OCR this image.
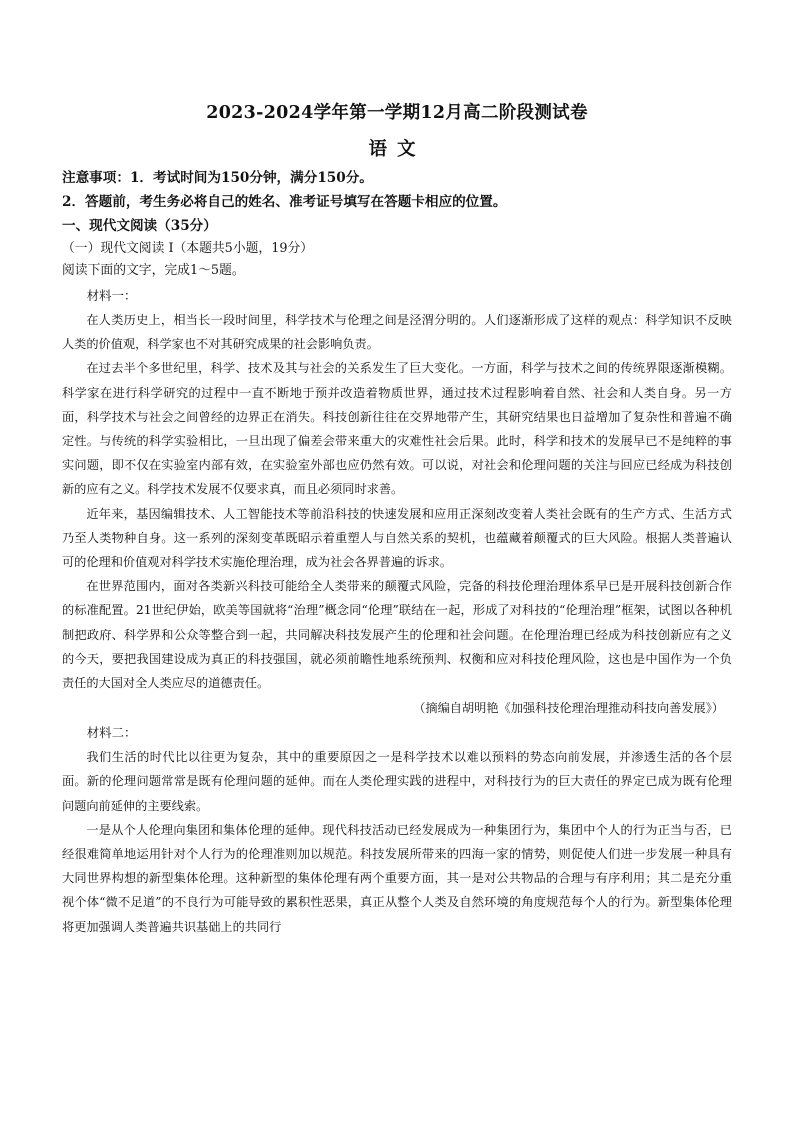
2023-2024学年第一学期12月高二阶段测试卷
语文

注意事项：1．考试时间为150分钟，满分150分。

2．答题前，考生务必将自己的姓名、准考证号填写在答题卡相应的位置。

一、现代文阅读（35分）

（一）现代文阅读 I（本题共5小题，19分）

阅读下面的文字，完成1～5题。

材料一：

在人类历史上，相当长一段时间里，科学技术与伦理之间是泾渭分明的。人们逐渐形成了这样的观点：科学知识不反映人类的价值观，科学家也不对其研究成果的社会影响负责。

在过去半个多世纪里，科学、技术及其与社会的关系发生了巨大变化。一方面，科学与技术之间的传统界限逐渐模糊。科学家在进行科学研究的过程中一直不断地于预并改造着物质世界，通过技术过程影响着自然、社会和人类自身。另一方面，科学技术与社会之间曾经的边界正在消失。科技创新往往在交界地带产生，其研究结果也日益增加了复杂性和普遍不确定性。与传统的科学实验相比，一旦出现了偏差会带来重大的灾难性社会后果。此时，科学和技术的发展早已不是纯粹的事实问题，即不仅在实验室内部有效，在实验室外部也应仍然有效。可以说，对社会和伦理问题的关注与回应已经成为科技创新的应有之义。科学技术发展不仅要求真，而且必须同时求善。

近年来，基因编辑技术、人工智能技术等前沿科技的快速发展和应用正深刻改变着人类社会既有的生产方式、生活方式乃至人类物种自身。这一系列的深刻变革既昭示着重塑人与自然关系的契机，也蕴藏着颠覆式的巨大风险。根据人类普遍认可的伦理和价值观对科学技术实施伦理治理，成为社会各界普遍的诉求。

在世界范围内，面对各类新兴科技可能给全人类带来的颠覆式风险，完备的科技伦理治理体系早已是开展科技创新合作的标准配置。21世纪伊始，欧美等国就将“治理”概念同“伦理”联结在一起，形成了对科技的“伦理治理”框架，试图以各种机制把政府、科学界和公众等整合到一起，共同解决科技发展产生的伦理和社会问题。在伦理治理已经成为科技创新应有之义的今天，要把我国建设成为真正的科技强国，就必须前瞻性地系统预判、权衡和应对科技伦理风险，这也是中国作为一个负责任的大国对全人类应尽的道德责任。

（摘编自胡明艳《加强科技伦理治理推动科技向善发展》）

材料二：

我们生活的时代比以往更为复杂，其中的重要原因之一是科学技术以难以预料的势态向前发展，并渗透生活的各个层面。新的伦理问题常常是既有伦理问题的延伸。而在人类伦理实践的进程中，对科技行为的巨大责任的界定已成为既有伦理问题向前延伸的主要线索。

一是从个人伦理向集团和集体伦理的延伸。现代科技活动已经发展成为一种集团行为，集团中个人的行为正当与否，已经很难简单地运用针对个人行为的伦理准则加以规范。科技发展所带来的四海一家的情势，则促使人们进一步发展一种具有大同世界构想的新型集体伦理。这种新型的集体伦理有两个重要方面，其一是对公共物品的合理与有序利用；其二是充分重视个体“微不足道”的不良行为可能导致的累积性恶果，真正从整个人类及自然环境的角度规范每个人的行为。新型集体伦理将更加强调人类普遍共识基础上的共同行
